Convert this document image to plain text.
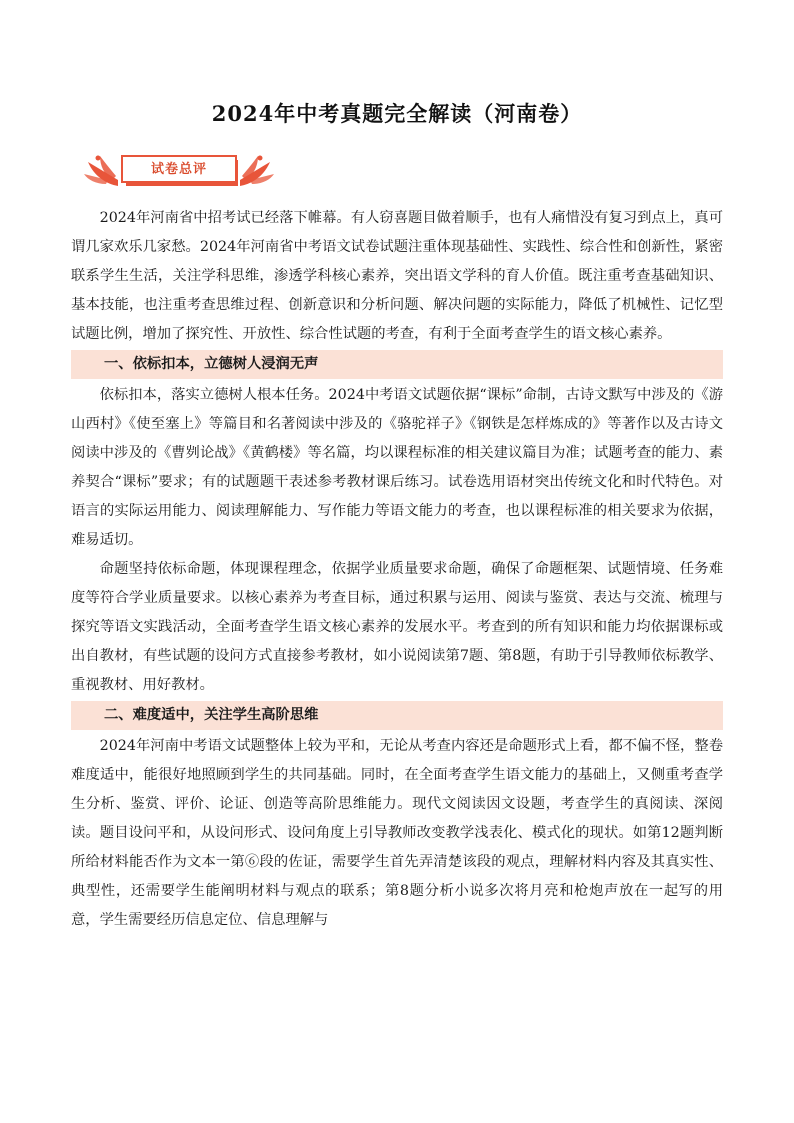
2024年中考真题完全解读（河南卷）
试卷总评

2024年河南省中招考试已经落下帷幕。有人窃喜题目做着顺手，也有人痛惜没有复习到点上，真可谓几家欢乐几家愁。2024年河南省中考语文试卷试题注重体现基础性、实践性、综合性和创新性，紧密联系学生生活，关注学科思维，渗透学科核心素养，突出语文学科的育人价值。既注重考查基础知识、基本技能，也注重考查思维过程、创新意识和分析问题、解决问题的实际能力，降低了机械性、记忆型试题比例，增加了探究性、开放性、综合性试题的考查，有利于全面考查学生的语文核心素养。

一、依标扣本，立德树人浸润无声

依标扣本，落实立德树人根本任务。2024中考语文试题依据“课标”命制，古诗文默写中涉及的《游山西村》《使至塞上》等篇目和名著阅读中涉及的《骆驼祥子》《钢铁是怎样炼成的》等著作以及古诗文阅读中涉及的《曹刿论战》《黄鹤楼》等名篇，均以课程标准的相关建议篇目为准；试题考查的能力、素养契合“课标”要求；有的试题题干表述参考教材课后练习。试卷选用语材突出传统文化和时代特色。对语言的实际运用能力、阅读理解能力、写作能力等语文能力的考查，也以课程标准的相关要求为依据，难易适切。

命题坚持依标命题，体现课程理念，依据学业质量要求命题，确保了命题框架、试题情境、任务难度等符合学业质量要求。以核心素养为考查目标，通过积累与运用、阅读与鉴赏、表达与交流、梳理与探究等语文实践活动，全面考查学生语文核心素养的发展水平。考查到的所有知识和能力均依据课标或出自教材，有些试题的设问方式直接参考教材，如小说阅读第7题、第8题，有助于引导教师依标教学、重视教材、用好教材。

二、难度适中，关注学生高阶思维

2024年河南中考语文试题整体上较为平和，无论从考查内容还是命题形式上看，都不偏不怪，整卷难度适中，能很好地照顾到学生的共同基础。同时，在全面考查学生语文能力的基础上，又侧重考查学生分析、鉴赏、评价、论证、创造等高阶思维能力。现代文阅读因文设题，考查学生的真阅读、深阅读。题目设问平和，从设问形式、设问角度上引导教师改变教学浅表化、模式化的现状。如第12题判断所给材料能否作为文本一第⑥段的佐证，需要学生首先弄清楚该段的观点，理解材料内容及其真实性、典型性，还需要学生能阐明材料与观点的联系；第8题分析小说多次将月亮和枪炮声放在一起写的用意，学生需要经历信息定位、信息理解与
